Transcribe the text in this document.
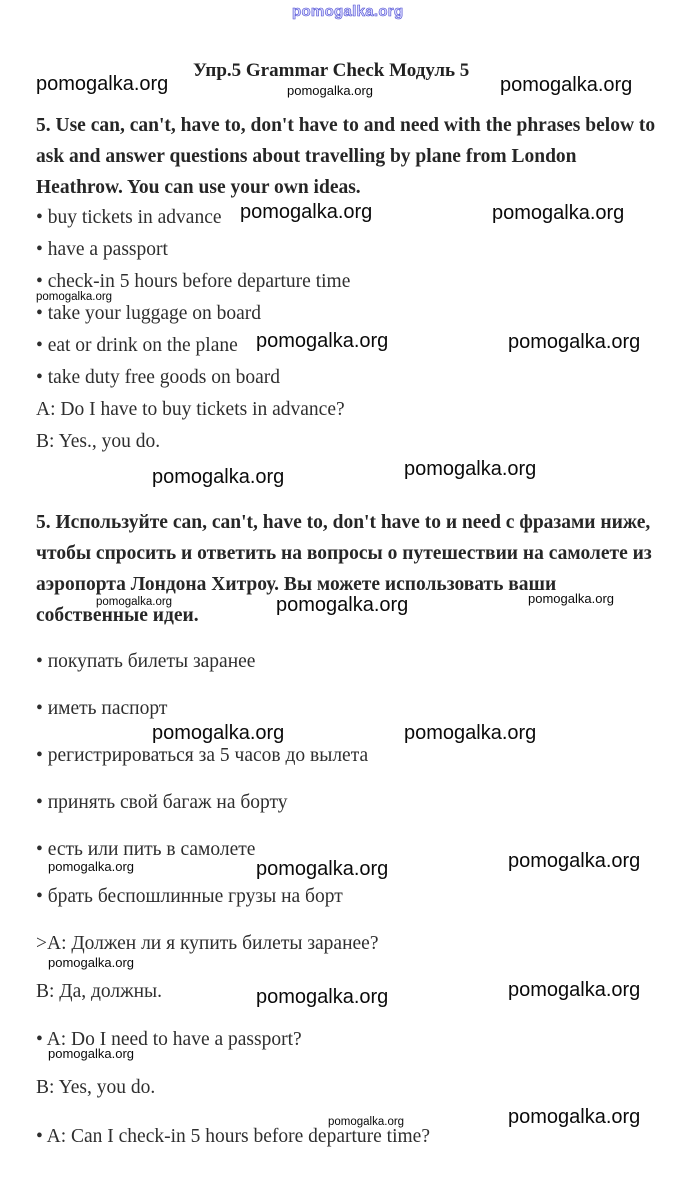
pomogalka.org
Упр.5 Grammar Check Модуль 5
5. Use can, can't, have to, don't have to and need with the phrases below to ask and answer questions about travelling by plane from London Heathrow. You can use your own ideas.
• buy tickets in advance
• have a passport
• check-in 5 hours before departure time
• take your luggage on board
• eat or drink on the plane
• take duty free goods on board
A: Do I have to buy tickets in advance?
B: Yes., you do.
5. Используйте can, can't, have to, don't have to и need с фразами ниже, чтобы спросить и ответить на вопросы о путешествии на самолете из аэропорта Лондона Хитроу. Вы можете использовать ваши собственные идеи.
• покупать билеты заранее
• иметь паспорт
• регистрироваться за 5 часов до вылета
• принять свой багаж на борту
• есть или пить в самолете
• брать беспошлинные грузы на борт
>A: Должен ли я купить билеты заранее?
В: Да, должны.
• A: Do I need to have a passport?
B: Yes, you do.
• A: Can I check-in 5 hours before departure time?
pomogalka.org	pomogalka.org	pomogalka.org
pomogalka.org	pomogalka.org
pomogalka.org
pomogalka.org	pomogalka.org
pomogalka.org	pomogalka.org
pomogalka.org	pomogalka.org	pomogalka.org
pomogalka.org	pomogalka.org
pomogalka.org	pomogalka.org	pomogalka.org
pomogalka.org
pomogalka.org	pomogalka.org
pomogalka.org
pomogalka.org	pomogalka.org
